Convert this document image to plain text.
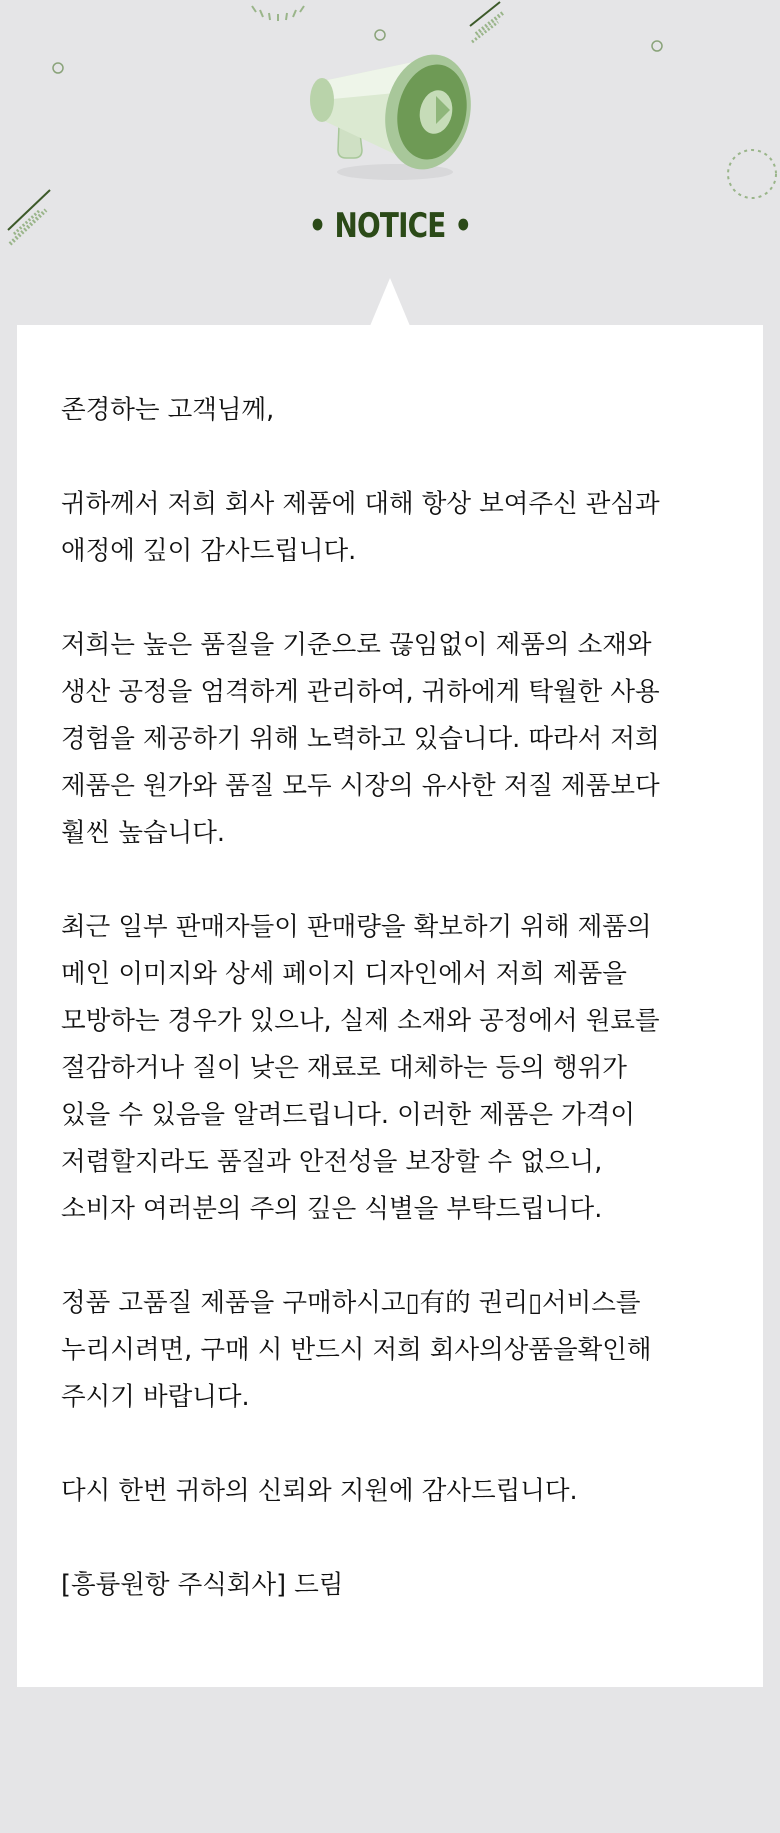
• NOTICE •

존경하는 고객님께,

귀하께서 저희 회사 제품에 대해 항상 보여주신 관심과
애정에 깊이 감사드립니다.

저희는 높은 품질을 기준으로 끊임없이 제품의 소재와
생산 공정을 엄격하게 관리하여, 귀하에게 탁월한 사용
경험을 제공하기 위해 노력하고 있습니다. 따라서 저희
제품은 원가와 품질 모두 시장의 유사한 저질 제품보다
훨씬 높습니다.

최근 일부 판매자들이 판매량을 확보하기 위해 제품의
메인 이미지와 상세 페이지 디자인에서 저희 제품을
모방하는 경우가 있으나, 실제 소재와 공정에서 원료를
절감하거나 질이 낮은 재료로 대체하는 등의 행위가
있을 수 있음을 알려드립니다. 이러한 제품은 가격이
저렴할지라도 품질과 안전성을 보장할 수 없으니,
소비자 여러분의 주의 깊은 식별을 부탁드립니다.

정품 고품질 제품을 구매하시고▯有的 권리▯서비스를
누리시려면, 구매 시 반드시 저희 회사의상품을확인해
주시기 바랍니다.

다시 한번 귀하의 신뢰와 지원에 감사드립니다.

[흥륭원항 주식회사] 드림
